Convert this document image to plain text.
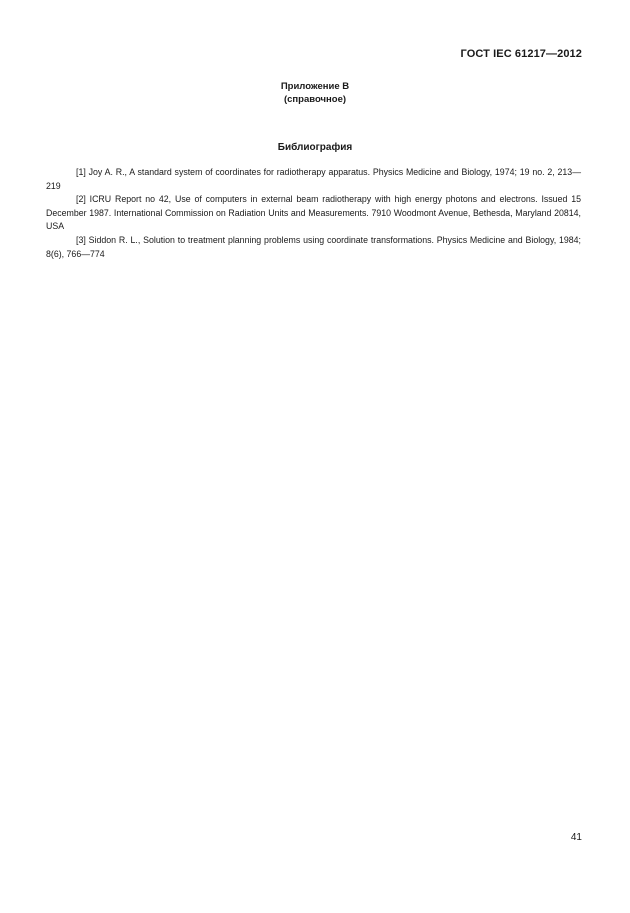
ГОСТ IEC 61217—2012
Приложение В
(справочное)
Библиография

[1] Joy A. R., A standard system of coordinates for radiotherapy apparatus. Physics Medicine and Biology, 1974; 19 no. 2, 213—219

[2] ICRU Report no 42, Use of computers in external beam radiotherapy with high energy photons and electrons. Issued 15 December 1987. International Commission on Radiation Units and Measurements. 7910 Woodmont Avenue, Bethesda, Maryland 20814, USA

[3] Siddon R. L., Solution to treatment planning problems using coordinate transformations. Physics Medicine and Biology, 1984; 8(6), 766—774

41
